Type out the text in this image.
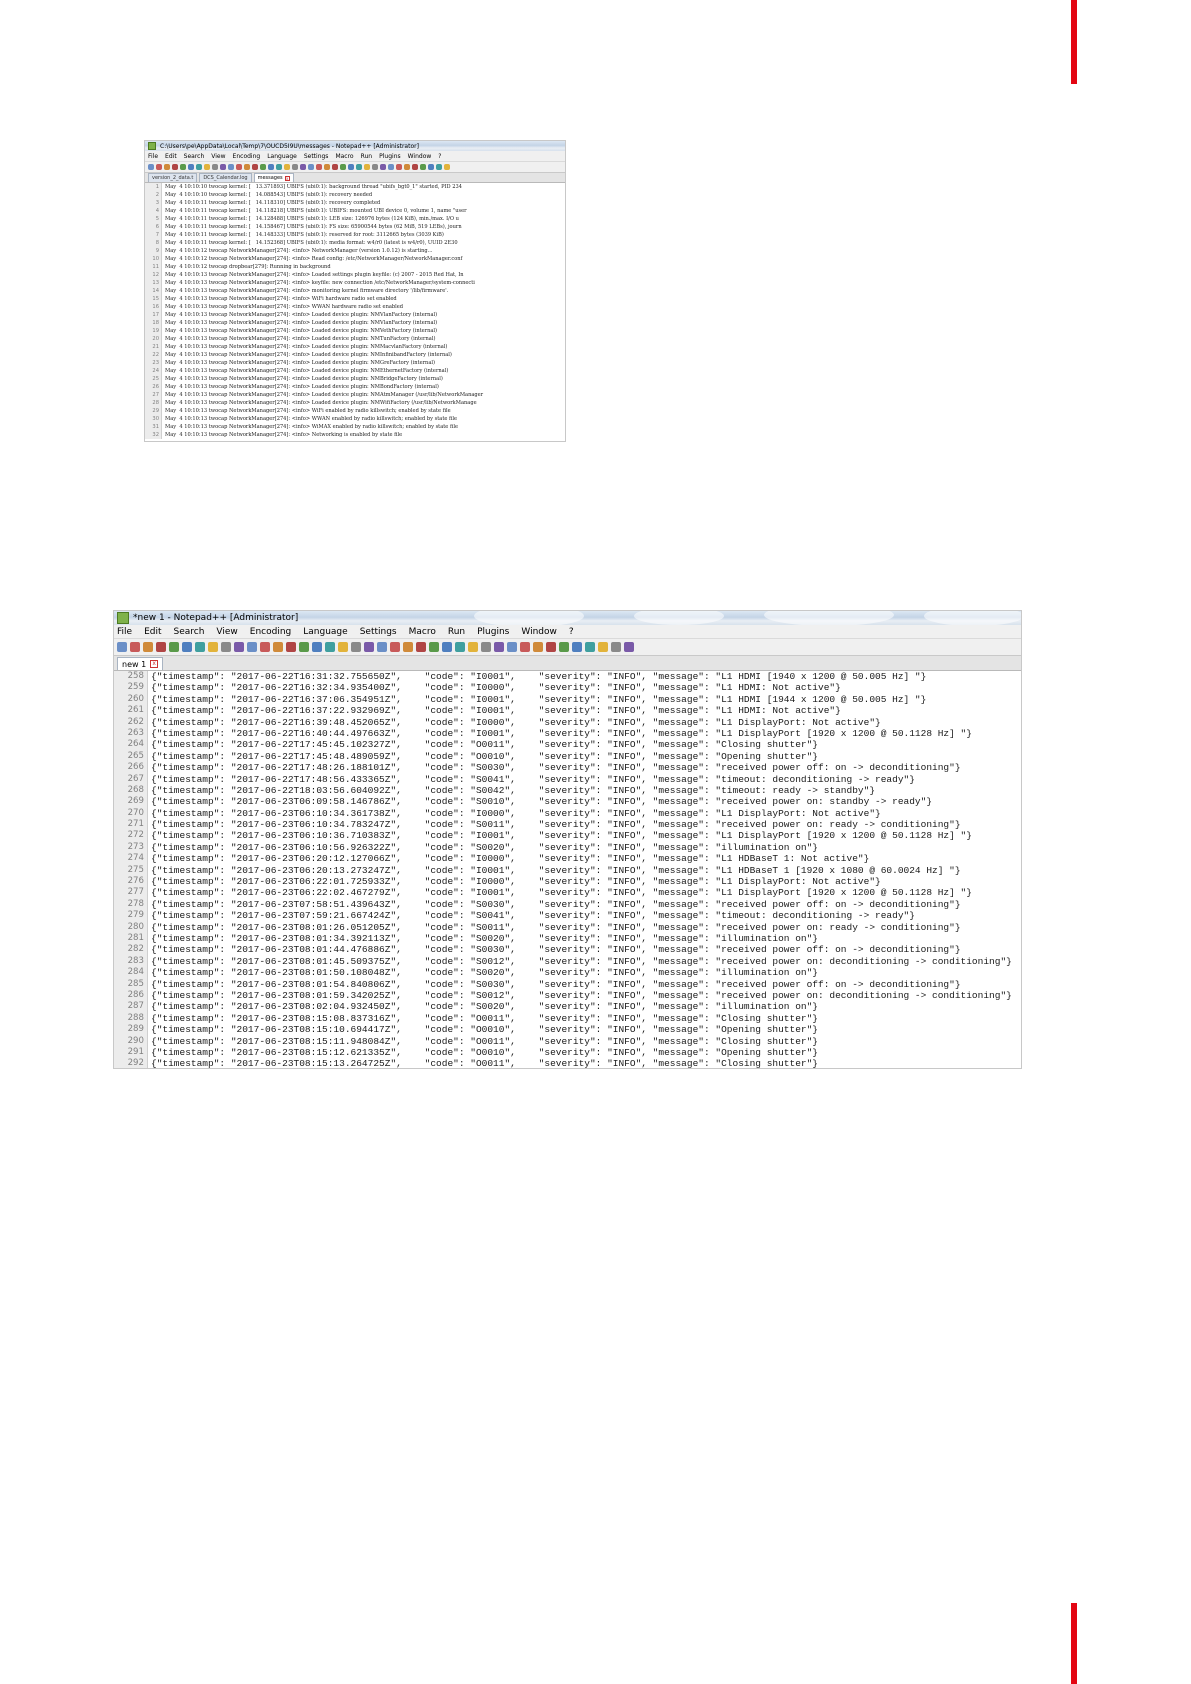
C:\Users\pe\AppData\Local\Temp\7\OUCD5I9U\messages - Notepad++ [Administrator]
File Edit Search View Encoding Language Settings Macro Run Plugins Window ?
version_2_data.t DCS_Calendar.log messages x
1
2
3
4
5
6
7
8
9
10
11
12
13
14
15
16
17
18
19
20
21
22
23
24
25
26
27
28
29
30
31
32
May  4 10:10:10 twocap kernel: [   13.371893] UBIFS (ubi0:1): background thread "ubifs_bgt0_1" started, PID 234
May  4 10:10:10 twocap kernel: [   14.088543] UBIFS (ubi0:1): recovery needed
May  4 10:10:11 twocap kernel: [   14.118310] UBIFS (ubi0:1): recovery completed
May  4 10:10:11 twocap kernel: [   14.118218] UBIFS (ubi0:1): UBIFS: mounted UBI device 0, volume 1, name "user
May  4 10:10:11 twocap kernel: [   14.128488] UBIFS (ubi0:1): LEB size: 126976 bytes (124 KiB), min./max. I/O u
May  4 10:10:11 twocap kernel: [   14.158467] UBIFS (ubi0:1): FS size: 65900544 bytes (62 MiB, 519 LEBs), journ
May  4 10:10:11 twocap kernel: [   14.148333] UBIFS (ubi0:1): reserved for root: 3112665 bytes (3039 KiB)
May  4 10:10:11 twocap kernel: [   14.152368] UBIFS (ubi0:1): media format: w4/r0 (latest is w4/r0), UUID 2E30
May  4 10:10:12 twocap NetworkManager[274]: <info> NetworkManager (version 1.0.12) is starting...
May  4 10:10:12 twocap NetworkManager[274]: <info> Read config: /etc/NetworkManager/NetworkManager.conf
May  4 10:10:12 twocap dropbear[279]: Running in background
May  4 10:10:13 twocap NetworkManager[274]: <info> Loaded settings plugin keyfile: (c) 2007 - 2015 Red Hat, In
May  4 10:10:13 twocap NetworkManager[274]: <info> keyfile: new connection /etc/NetworkManager/system-connecti
May  4 10:10:13 twocap NetworkManager[274]: <info> monitoring kernel firmware directory '/lib/firmware'.
May  4 10:10:13 twocap NetworkManager[274]: <info> WiFi hardware radio set enabled
May  4 10:10:13 twocap NetworkManager[274]: <info> WWAN hardware radio set enabled
May  4 10:10:13 twocap NetworkManager[274]: <info> Loaded device plugin: NMVlanFactory (internal)
May  4 10:10:13 twocap NetworkManager[274]: <info> Loaded device plugin: NMVlanFactory (internal)
May  4 10:10:13 twocap NetworkManager[274]: <info> Loaded device plugin: NMVethFactory (internal)
May  4 10:10:13 twocap NetworkManager[274]: <info> Loaded device plugin: NMTunFactory (internal)
May  4 10:10:13 twocap NetworkManager[274]: <info> Loaded device plugin: NMMacvlanFactory (internal)
May  4 10:10:13 twocap NetworkManager[274]: <info> Loaded device plugin: NMInfinibandFactory (internal)
May  4 10:10:13 twocap NetworkManager[274]: <info> Loaded device plugin: NMGreFactory (internal)
May  4 10:10:13 twocap NetworkManager[274]: <info> Loaded device plugin: NMEthernetFactory (internal)
May  4 10:10:13 twocap NetworkManager[274]: <info> Loaded device plugin: NMBridgeFactory (internal)
May  4 10:10:13 twocap NetworkManager[274]: <info> Loaded device plugin: NMBondFactory (internal)
May  4 10:10:13 twocap NetworkManager[274]: <info> Loaded device plugin: NMAtmManager (/usr/lib/NetworkManager
May  4 10:10:13 twocap NetworkManager[274]: <info> Loaded device plugin: NMWifiFactory (/usr/lib/NetworkManage
May  4 10:10:13 twocap NetworkManager[274]: <info> WiFi enabled by radio killswitch; enabled by state file
May  4 10:10:13 twocap NetworkManager[274]: <info> WWAN enabled by radio killswitch; enabled by state file
May  4 10:10:13 twocap NetworkManager[274]: <info> WiMAX enabled by radio killswitch; enabled by state file
May  4 10:10:13 twocap NetworkManager[274]: <info> Networking is enabled by state file
*new 1 - Notepad++ [Administrator]
File Edit Search View Encoding Language Settings Macro Run Plugins Window ?
new 1	x
258
259
260
261
262
263
264
265
266
267
268
269
270
271
272
273
274
275
276
277
278
279
280
281
282
283
284
285
286
287
288
289
290
291
292
{"timestamp": "2017-06-22T16:31:32.755650Z",    "code": "I0001",    "severity": "INFO", "message": "L1 HDMI [1940 x 1200 @ 50.005 Hz] "}
{"timestamp": "2017-06-22T16:32:34.935400Z",    "code": "I0000",    "severity": "INFO", "message": "L1 HDMI: Not active"}
{"timestamp": "2017-06-22T16:37:06.354951Z",    "code": "I0001",    "severity": "INFO", "message": "L1 HDMI [1944 x 1200 @ 50.005 Hz] "}
{"timestamp": "2017-06-22T16:37:22.932969Z",    "code": "I0001",    "severity": "INFO", "message": "L1 HDMI: Not active"}
{"timestamp": "2017-06-22T16:39:48.452065Z",    "code": "I0000",    "severity": "INFO", "message": "L1 DisplayPort: Not active"}
{"timestamp": "2017-06-22T16:40:44.497663Z",    "code": "I0001",    "severity": "INFO", "message": "L1 DisplayPort [1920 x 1200 @ 50.1128 Hz] "}
{"timestamp": "2017-06-22T17:45:45.102327Z",    "code": "O0011",    "severity": "INFO", "message": "Closing shutter"}
{"timestamp": "2017-06-22T17:45:48.489059Z",    "code": "O0010",    "severity": "INFO", "message": "Opening shutter"}
{"timestamp": "2017-06-22T17:48:26.188101Z",    "code": "S0030",    "severity": "INFO", "message": "received power off: on -> deconditioning"}
{"timestamp": "2017-06-22T17:48:56.433365Z",    "code": "S0041",    "severity": "INFO", "message": "timeout: deconditioning -> ready"}
{"timestamp": "2017-06-22T18:03:56.604092Z",    "code": "S0042",    "severity": "INFO", "message": "timeout: ready -> standby"}
{"timestamp": "2017-06-23T06:09:58.146786Z",    "code": "S0010",    "severity": "INFO", "message": "received power on: standby -> ready"}
{"timestamp": "2017-06-23T06:10:34.361738Z",    "code": "I0000",    "severity": "INFO", "message": "L1 DisplayPort: Not active"}
{"timestamp": "2017-06-23T06:10:34.783247Z",    "code": "S0011",    "severity": "INFO", "message": "received power on: ready -> conditioning"}
{"timestamp": "2017-06-23T06:10:36.710383Z",    "code": "I0001",    "severity": "INFO", "message": "L1 DisplayPort [1920 x 1200 @ 50.1128 Hz] "}
{"timestamp": "2017-06-23T06:10:56.926322Z",    "code": "S0020",    "severity": "INFO", "message": "illumination on"}
{"timestamp": "2017-06-23T06:20:12.127066Z",    "code": "I0000",    "severity": "INFO", "message": "L1 HDBaseT 1: Not active"}
{"timestamp": "2017-06-23T06:20:13.273247Z",    "code": "I0001",    "severity": "INFO", "message": "L1 HDBaseT 1 [1920 x 1080 @ 60.0024 Hz] "}
{"timestamp": "2017-06-23T06:22:01.725933Z",    "code": "I0000",    "severity": "INFO", "message": "L1 DisplayPort: Not active"}
{"timestamp": "2017-06-23T06:22:02.467279Z",    "code": "I0001",    "severity": "INFO", "message": "L1 DisplayPort [1920 x 1200 @ 50.1128 Hz] "}
{"timestamp": "2017-06-23T07:58:51.439643Z",    "code": "S0030",    "severity": "INFO", "message": "received power off: on -> deconditioning"}
{"timestamp": "2017-06-23T07:59:21.667424Z",    "code": "S0041",    "severity": "INFO", "message": "timeout: deconditioning -> ready"}
{"timestamp": "2017-06-23T08:01:26.051205Z",    "code": "S0011",    "severity": "INFO", "message": "received power on: ready -> conditioning"}
{"timestamp": "2017-06-23T08:01:34.392113Z",    "code": "S0020",    "severity": "INFO", "message": "illumination on"}
{"timestamp": "2017-06-23T08:01:44.476886Z",    "code": "S0030",    "severity": "INFO", "message": "received power off: on -> deconditioning"}
{"timestamp": "2017-06-23T08:01:45.509375Z",    "code": "S0012",    "severity": "INFO", "message": "received power on: deconditioning -> conditioning"}
{"timestamp": "2017-06-23T08:01:50.108048Z",    "code": "S0020",    "severity": "INFO", "message": "illumination on"}
{"timestamp": "2017-06-23T08:01:54.840806Z",    "code": "S0030",    "severity": "INFO", "message": "received power off: on -> deconditioning"}
{"timestamp": "2017-06-23T08:01:59.342025Z",    "code": "S0012",    "severity": "INFO", "message": "received power on: deconditioning -> conditioning"}
{"timestamp": "2017-06-23T08:02:04.932450Z",    "code": "S0020",    "severity": "INFO", "message": "illumination on"}
{"timestamp": "2017-06-23T08:15:08.837316Z",    "code": "O0011",    "severity": "INFO", "message": "Closing shutter"}
{"timestamp": "2017-06-23T08:15:10.694417Z",    "code": "O0010",    "severity": "INFO", "message": "Opening shutter"}
{"timestamp": "2017-06-23T08:15:11.948084Z",    "code": "O0011",    "severity": "INFO", "message": "Closing shutter"}
{"timestamp": "2017-06-23T08:15:12.621335Z",    "code": "O0010",    "severity": "INFO", "message": "Opening shutter"}
{"timestamp": "2017-06-23T08:15:13.264725Z",    "code": "O0011",    "severity": "INFO", "message": "Closing shutter"}
